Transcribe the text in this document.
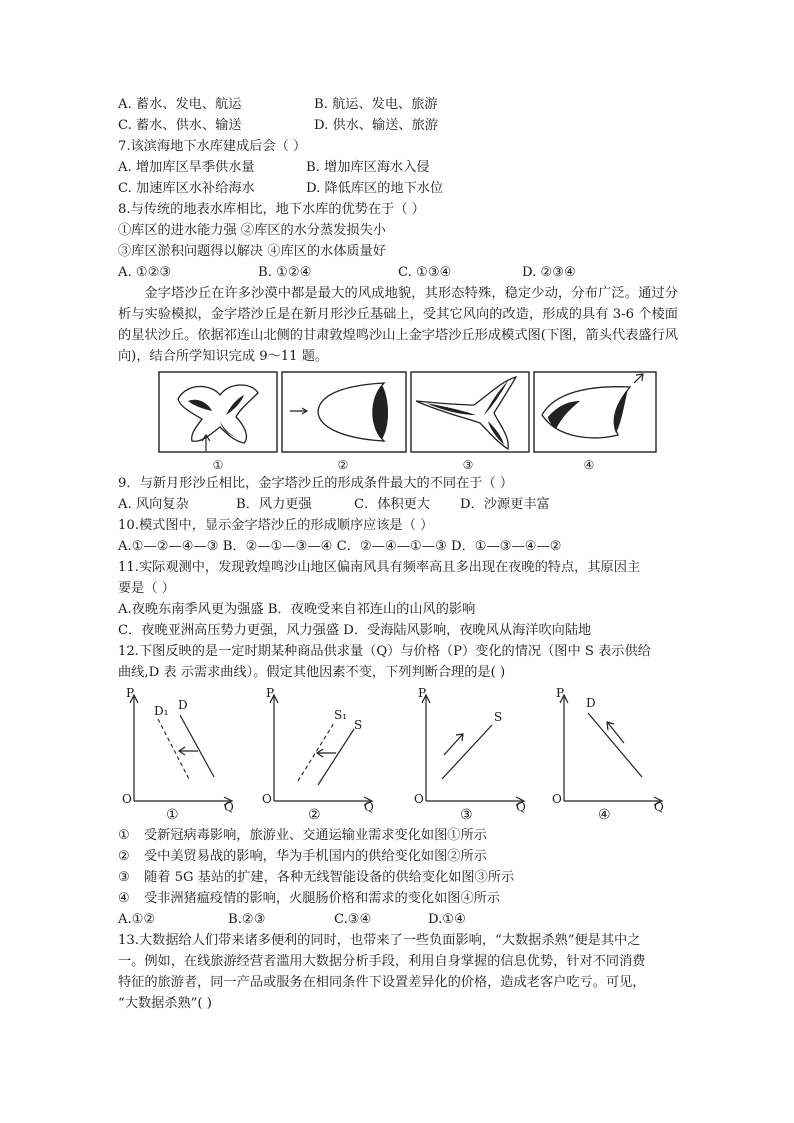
A. 蓄水、发电、航运	B. 航运、发电、旅游
C. 蓄水、供水、输送	D. 供水、输送、旅游
7.该滨海地下水库建成后会（ ）
A. 增加库区旱季供水量	B. 增加库区海水入侵
C. 加速库区水补给海水	D. 降低库区的地下水位
8.与传统的地表水库相比，地下水库的优势在于（ ）
①库区的进水能力强 ②库区的水分蒸发损失小
③库区淤积问题得以解决 ④库区的水体质量好
A. ①②③	B. ①②④	C. ①③④	D. ②③④
金字塔沙丘在许多沙漠中都是最大的风成地貌，其形态特殊，稳定少动，分布广泛。通过分析与实验模拟，金字塔沙丘是在新月形沙丘基础上，受其它风向的改造，形成的具有 3-6 个棱面的星状沙丘。依据祁连山北侧的甘肃敦煌鸣沙山上金字塔沙丘形成模式图(下图，箭头代表盛行风向)，结合所学知识完成 9～11 题。
①	②	③	④
9．与新月形沙丘相比，金字塔沙丘的形成条件最大的不同在于（ ）
A. 风向复杂	B．风力更强	C．体积更大	D．沙源更丰富
10.模式图中，显示金字塔沙丘的形成顺序应该是（ ）
A.①—②—④—③ B．②—①—③—④ C．②—④—①—③ D．①—③—④—②
11.实际观测中，发现敦煌鸣沙山地区偏南风具有频率高且多出现在夜晚的特点，其原因主
要是（ ）
A.夜晚东南季风更为强盛 B．夜晚受来自祁连山的山风的影响
C．夜晚亚洲高压势力更强，风力强盛 D．受海陆风影响，夜晚风从海洋吹向陆地
12.下图反映的是一定时期某种商品供求量（Q）与价格（P）变化的情况（图中 S 表示供给
曲线,D 表 示需求曲线）。假定其他因素不变，下列判断合理的是( )
P
O
Q
D₁ D
①
P
O
Q
S₁
S
②
P
O
Q
S
③
P
O
Q
D
④
①	受新冠病毒影响，旅游业、交通运输业需求变化如图①所示
②	受中美贸易战的影响，华为手机国内的供给变化如图②所示
③	随着 5G 基站的扩建，各种无线智能设备的供给变化如图③所示
④	受非洲猪瘟疫情的影响，火腿肠价格和需求的变化如图④所示
A.①②	B.②③	C.③④	D.①④
13.大数据给人们带来诸多便利的同时，也带来了一些负面影响，“大数据杀熟”便是其中之
一。例如，在线旅游经营者滥用大数据分析手段，利用自身掌握的信息优势，针对不同消费
特征的旅游者，同一产品或服务在相同条件下设置差异化的价格，造成老客户吃亏。可见，
“大数据杀熟”( )
